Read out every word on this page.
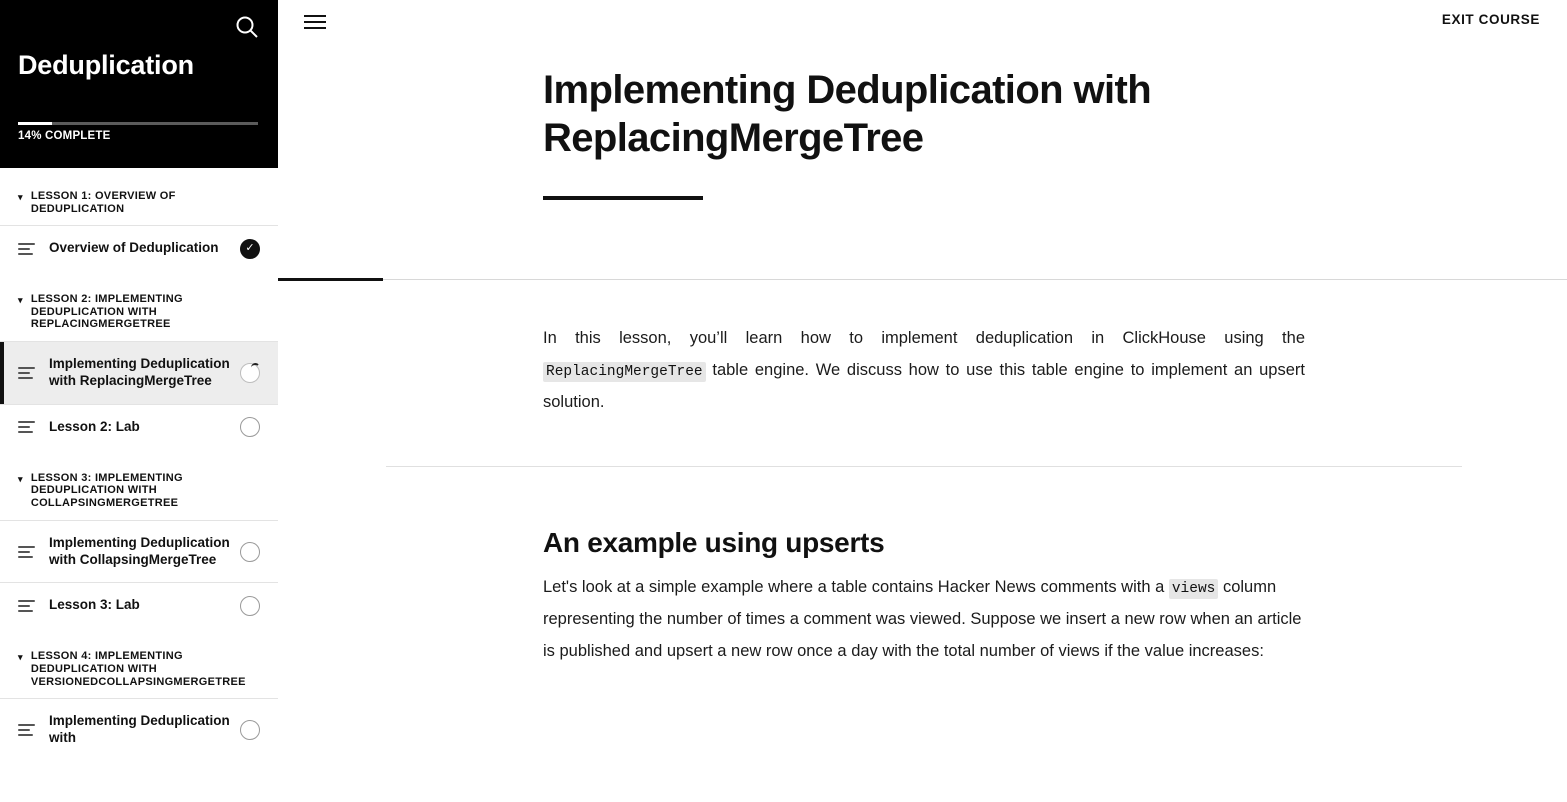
Deduplication
14% COMPLETE
▾ LESSON 1: OVERVIEW OF DEDUPLICATION
Overview of Deduplication	✓
▾ LESSON 2: IMPLEMENTING DEDUPLICATION WITH REPLACINGMERGETREE
Implementing Deduplication with ReplacingMergeTree
Lesson 2: Lab
▾ LESSON 3: IMPLEMENTING DEDUPLICATION WITH COLLAPSINGMERGETREE
Implementing Deduplication with CollapsingMergeTree
Lesson 3: Lab
▾ LESSON 4: IMPLEMENTING DEDUPLICATION WITH VERSIONEDCOLLAPSINGMERGETREE
Implementing Deduplication with
EXIT COURSE
Implementing Deduplication with ReplacingMergeTree

In this lesson, you’ll learn how to implement deduplication in ClickHouse using the ReplacingMergeTree table engine. We discuss how to use this table engine to implement an upsert solution.

An example using upserts

Let's look at a simple example where a table contains Hacker News comments with a views column representing the number of times a comment was viewed. Suppose we insert a new row when an article is published and upsert a new row once a day with the total number of views if the value increases:
